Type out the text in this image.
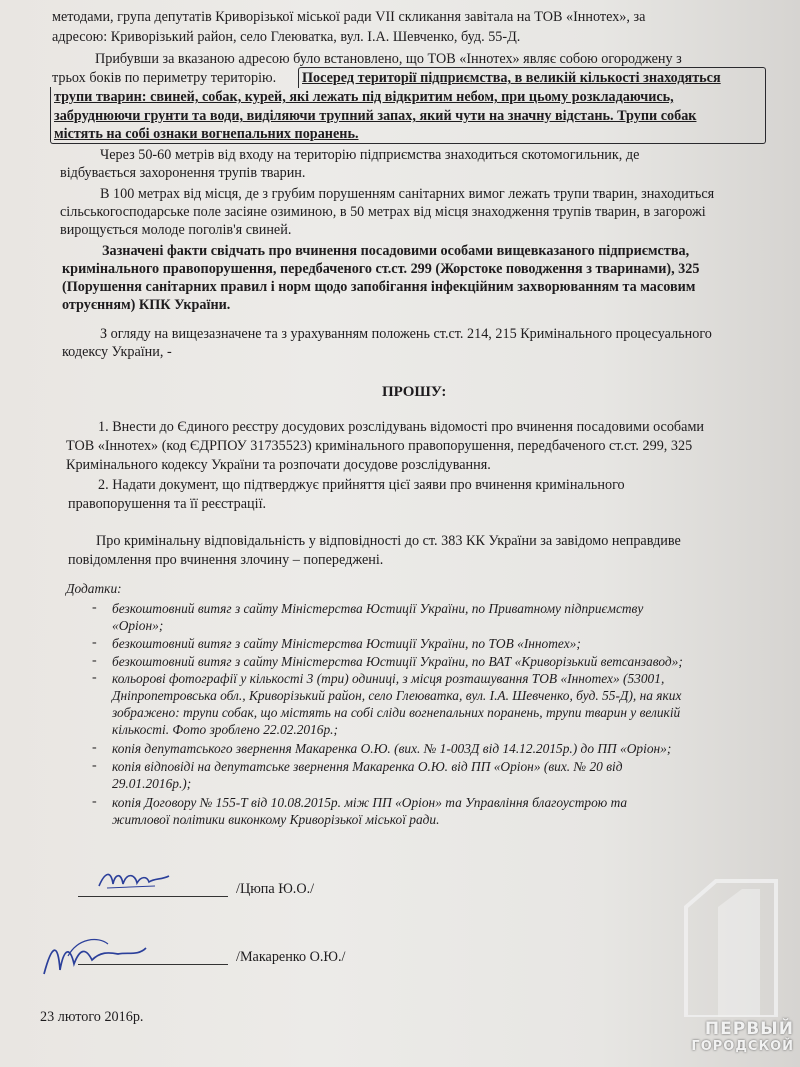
методами, група депутатів Криворізької міської ради VII скликання завітала на ТОВ «Іннотех», за
адресою: Криворізький район, село Глеюватка, вул. І.А. Шевченко, буд. 55-Д.
Прибувши за вказаною адресою було встановлено, що ТОВ «Іннотех» являє собою огороджену з
трьох боків по периметру територію. Посеред території підприємства, в великій кількості знаходяться
трупи тварин: свиней, собак, курей, які лежать під відкритим небом, при цьому розкладаючись,
забруднюючи грунти та води, виділяючи трупний запах, який чути на значну відстань. Трупи собак
містять на собі ознаки вогнепальних поранень.
Через 50-60 метрів від входу на територію підприємства знаходиться скотомогильник, де
відбувається захоронення трупів тварин.
В 100 метрах від місця, де з грубим порушенням санітарних вимог лежать трупи тварин, знаходиться
сільськогосподарське поле засіяне озиминою, в 50 метрах від місця знаходження трупів тварин, в загорожі
вирощується молоде поголів'я свиней.
Зазначені факти свідчать про вчинення посадовими особами вищевказаного підприємства,
кримінального правопорушення, передбаченого ст.ст. 299 (Жорстоке поводження з тваринами), 325
(Порушення санітарних правил і норм щодо запобігання інфекційним захворюванням та масовим
отруєнням) КПК України.
З огляду на вищезазначене та з урахуванням положень ст.ст. 214, 215 Кримінального процесуального
кодексу України, -
ПРОШУ:
1. Внести до Єдиного реєстру досудових розслідувань відомості про вчинення посадовими особами
ТОВ «Іннотех» (код ЄДРПОУ 31735523) кримінального правопорушення, передбаченого ст.ст. 299, 325
Кримінального кодексу України та розпочати досудове розслідування.
2. Надати документ, що підтверджує прийняття цієї заяви про вчинення кримінального
правопорушення та її реєстрації.
Про кримінальну відповідальність у відповідності до ст. 383 КК України за завідомо неправдиве
повідомлення про вчинення злочину – попереджені.
Додатки:
- безкоштовний витяг з сайту Міністерства Юстиції України, по Приватному підприємству
«Оріон»;
- безкоштовний витяг з сайту Міністерства Юстиції України, по ТОВ «Іннотех»;
- безкоштовний витяг з сайту Міністерства Юстиції України, по ВАТ «Криворізький ветсанзавод»;
- кольорові фотографії у кількості 3 (три) одиниці, з місця розташування ТОВ «Іннотех» (53001,
Дніпропетровська обл., Криворізький район, село Глеюватка, вул. І.А. Шевченко, буд. 55-Д), на яких
зображено: трупи собак, що містять на собі сліди вогнепальних поранень, трупи тварин у великій
кількості. Фото зроблено 22.02.2016р.;
- копія депутатського звернення Макаренка О.Ю. (вих. № 1-003Д від 14.12.2015р.) до ПП «Оріон»;
- копія відповіді на депутатське звернення Макаренка О.Ю. від ПП «Оріон» (вих. № 20 від
29.01.2016р.);
- копія Договору № 155-Т від 10.08.2015р. між ПП «Оріон» та Управління благоустрою та
житлової політики виконкому Криворізької міської ради.
/Цюпа Ю.О./
/Макаренко О.Ю./
23 лютого 2016р.
ПЕРВЫЙ
ГОРОДСКОЙ
